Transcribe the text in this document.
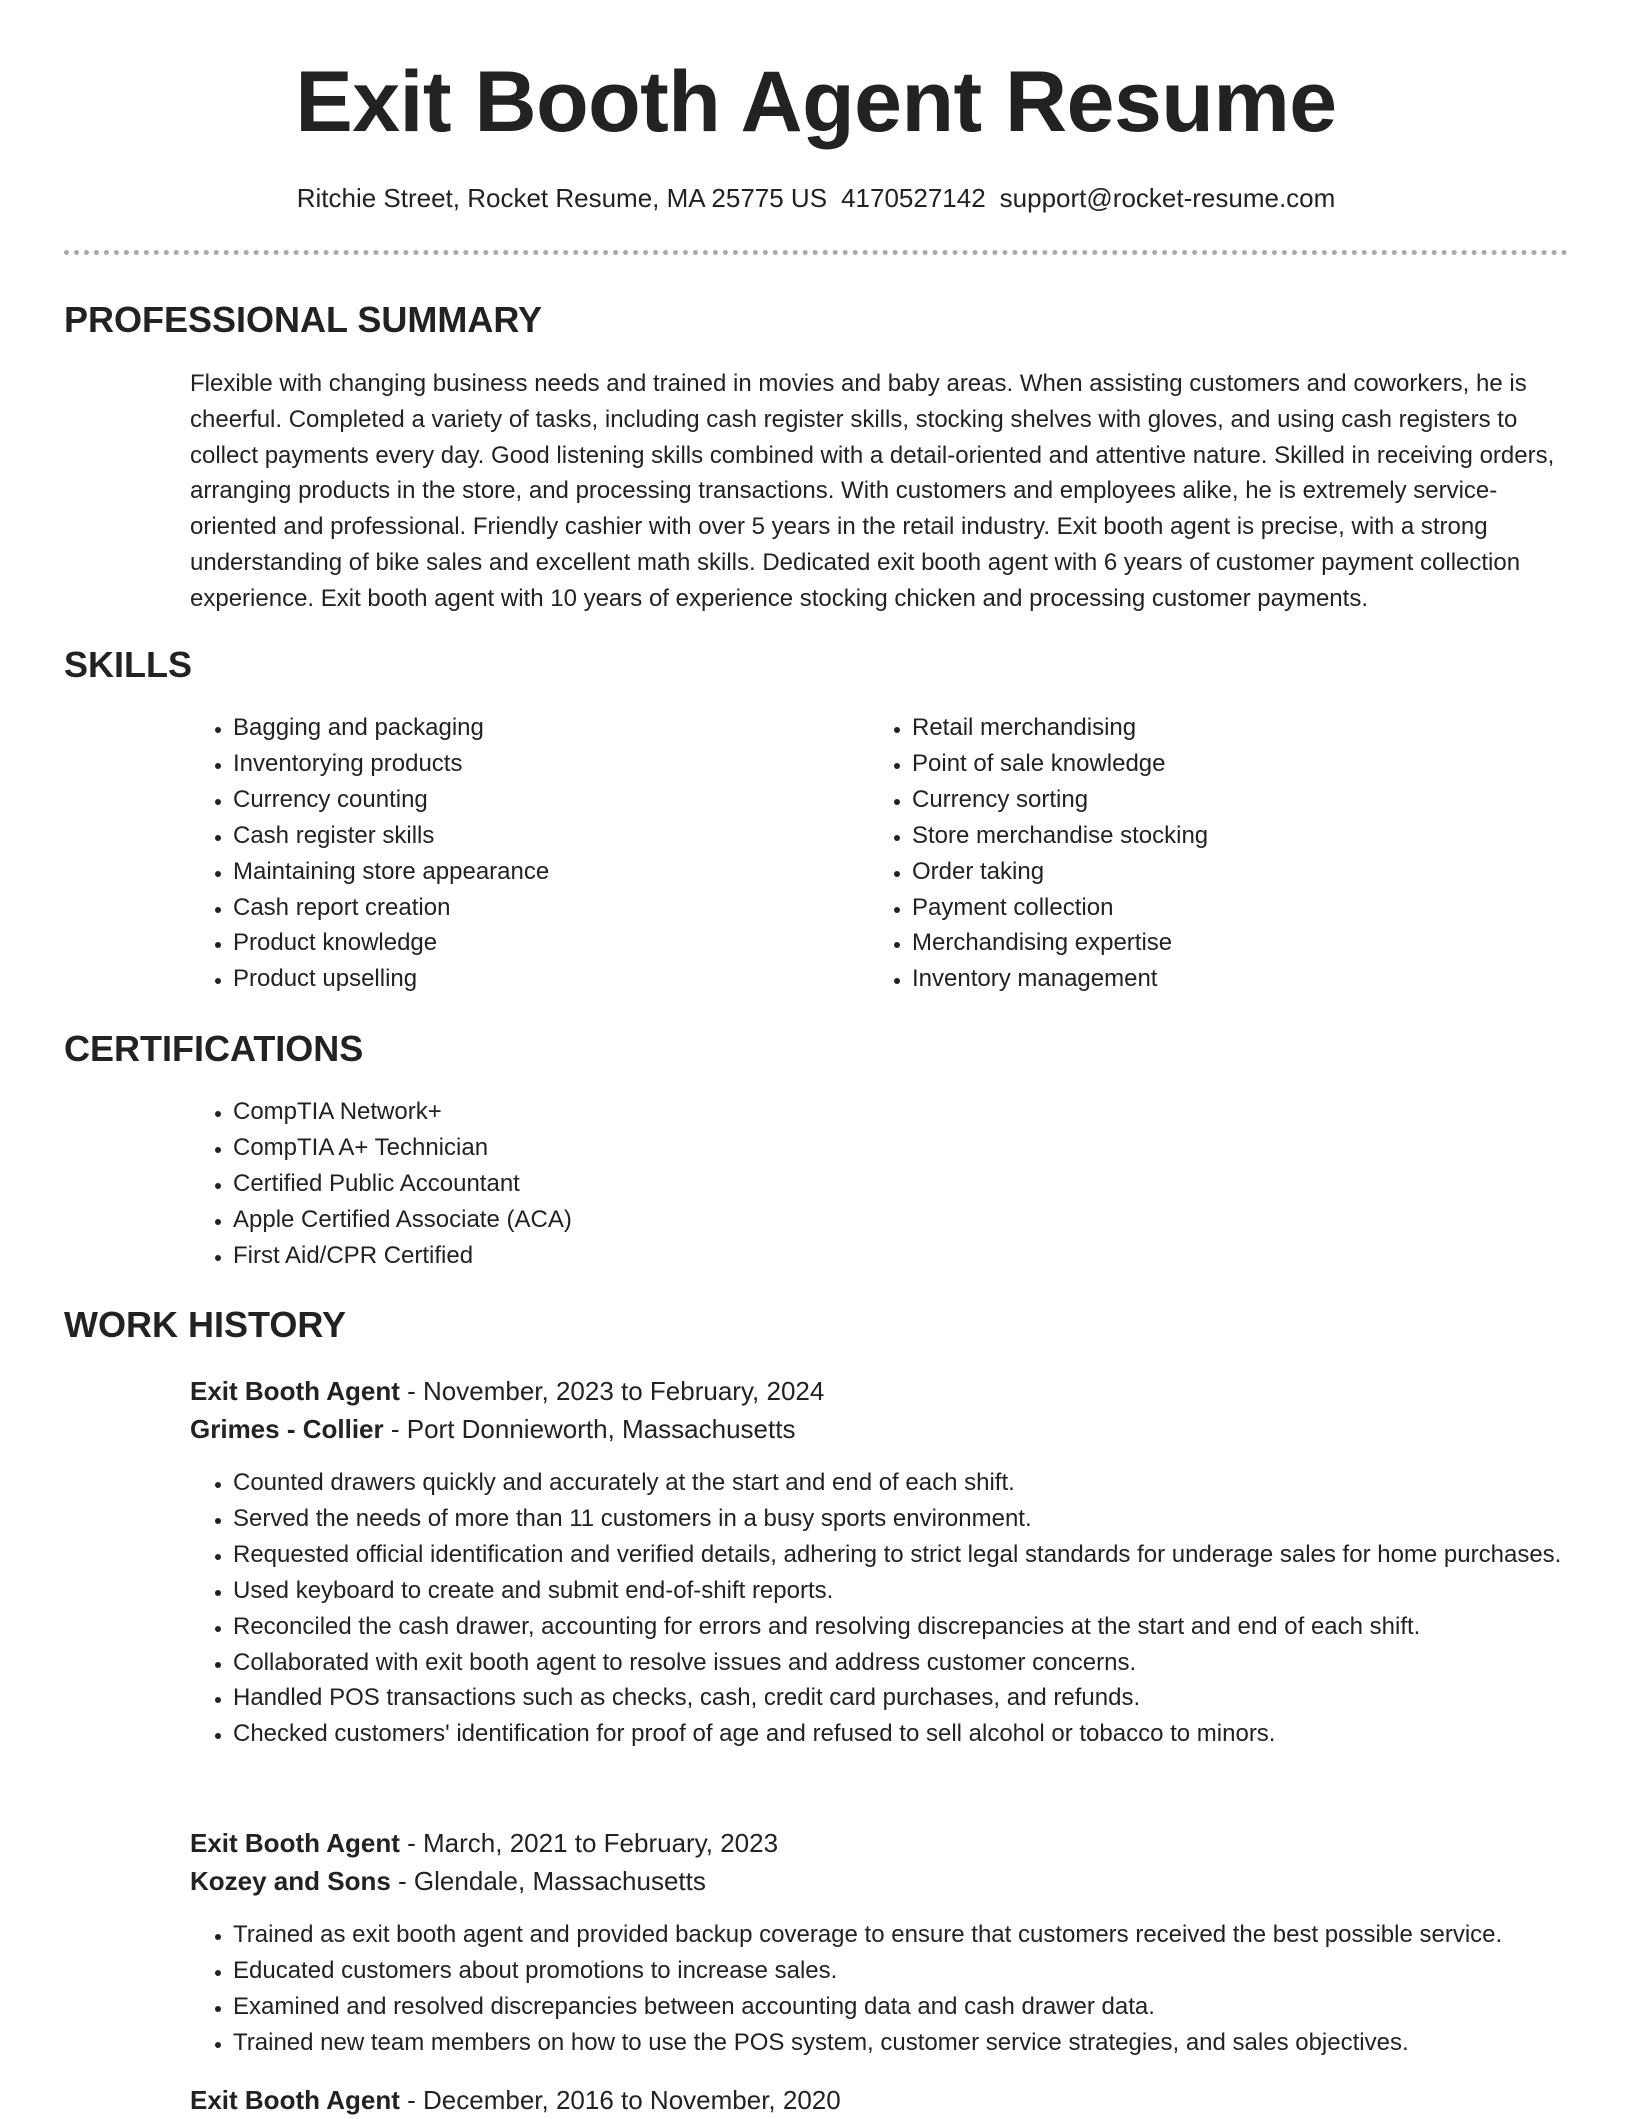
Exit Booth Agent Resume
Ritchie Street, Rocket Resume, MA 25775 US 4170527142 support@rocket-resume.com
PROFESSIONAL SUMMARY

Flexible with changing business needs and trained in movies and baby areas. When assisting customers and coworkers, he is cheerful. Completed a variety of tasks, including cash register skills, stocking shelves with gloves, and using cash registers to collect payments every day. Good listening skills combined with a detail-oriented and attentive nature. Skilled in receiving orders, arranging products in the store, and processing transactions. With customers and employees alike, he is extremely service-oriented and professional. Friendly cashier with over 5 years in the retail industry. Exit booth agent is precise, with a strong understanding of bike sales and excellent math skills. Dedicated exit booth agent with 6 years of customer payment collection experience. Exit booth agent with 10 years of experience stocking chicken and processing customer payments.

SKILLS
• Bagging and packaging
• Inventorying products
• Currency counting
• Cash register skills
• Maintaining store appearance
• Cash report creation
• Product knowledge
• Product upselling
• Retail merchandising
• Point of sale knowledge
• Currency sorting
• Store merchandise stocking
• Order taking
• Payment collection
• Merchandising expertise
• Inventory management
CERTIFICATIONS
• CompTIA Network+
• CompTIA A+ Technician
• Certified Public Accountant
• Apple Certified Associate (ACA)
• First Aid/CPR Certified
WORK HISTORY
Exit Booth Agent - November, 2023 to February, 2024
Grimes - Collier - Port Donnieworth, Massachusetts
• Counted drawers quickly and accurately at the start and end of each shift.
• Served the needs of more than 11 customers in a busy sports environment.
• Requested official identification and verified details, adhering to strict legal standards for underage sales for home purchases.
• Used keyboard to create and submit end-of-shift reports.
• Reconciled the cash drawer, accounting for errors and resolving discrepancies at the start and end of each shift.
• Collaborated with exit booth agent to resolve issues and address customer concerns.
• Handled POS transactions such as checks, cash, credit card purchases, and refunds.
• Checked customers' identification for proof of age and refused to sell alcohol or tobacco to minors.
Exit Booth Agent - March, 2021 to February, 2023
Kozey and Sons - Glendale, Massachusetts
• Trained as exit booth agent and provided backup coverage to ensure that customers received the best possible service.
• Educated customers about promotions to increase sales.
• Examined and resolved discrepancies between accounting data and cash drawer data.
• Trained new team members on how to use the POS system, customer service strategies, and sales objectives.
Exit Booth Agent - December, 2016 to November, 2020
